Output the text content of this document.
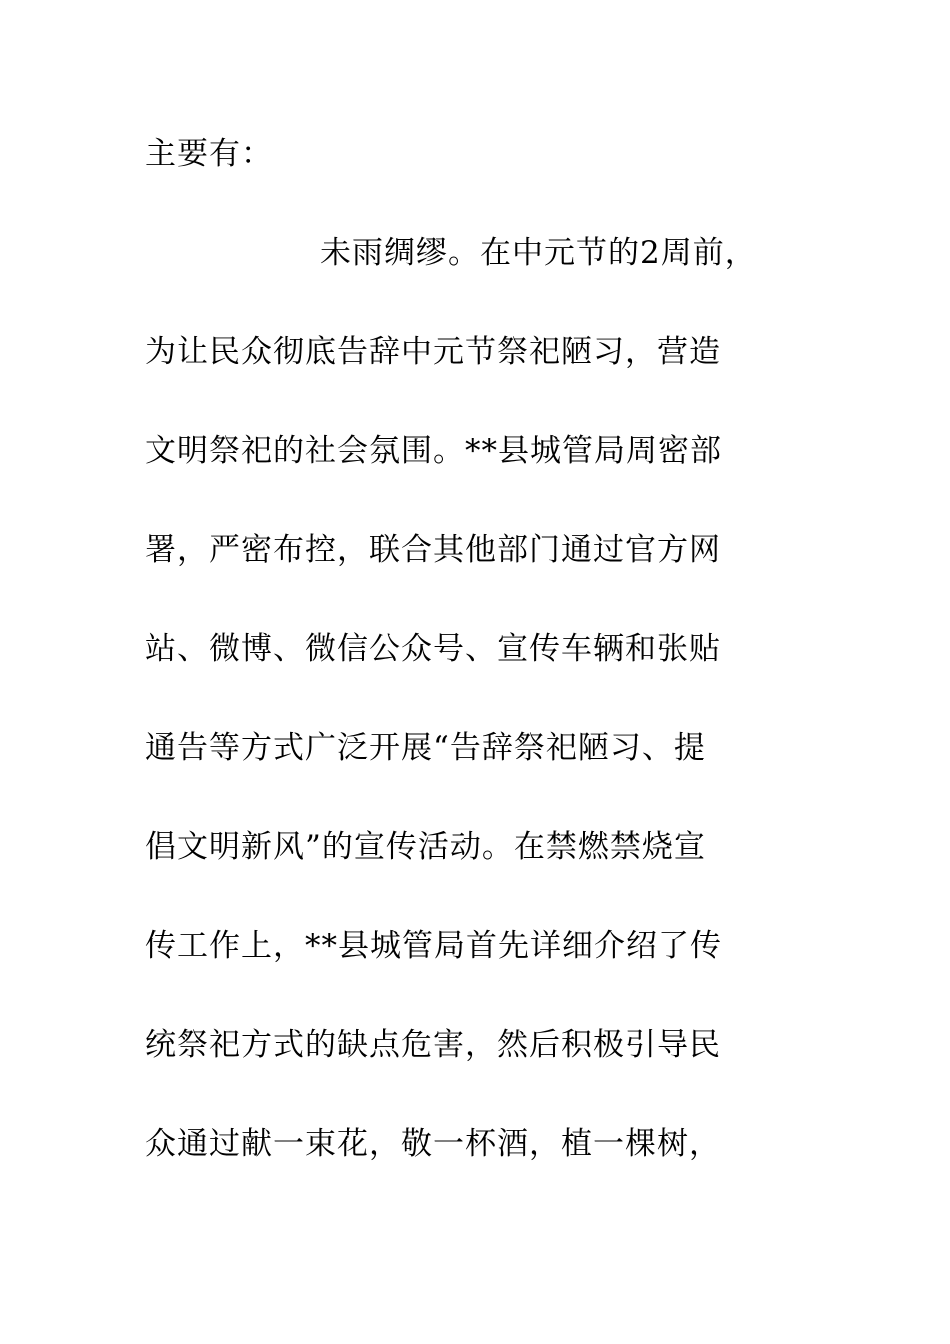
主要有：
未雨绸缪。在中元节的2周前，
为让民众彻底告辞中元节祭祀陋习，营造
文明祭祀的社会氛围。**县城管局周密部
署，严密布控，联合其他部门通过官方网
站、微博、微信公众号、宣传车辆和张贴
通告等方式广泛开展“告辞祭祀陋习、提
倡文明新风”的宣传活动。在禁燃禁烧宣
传工作上，**县城管局首先详细介绍了传
统祭祀方式的缺点危害，然后积极引导民
众通过献一束花，敬一杯酒，植一棵树，
